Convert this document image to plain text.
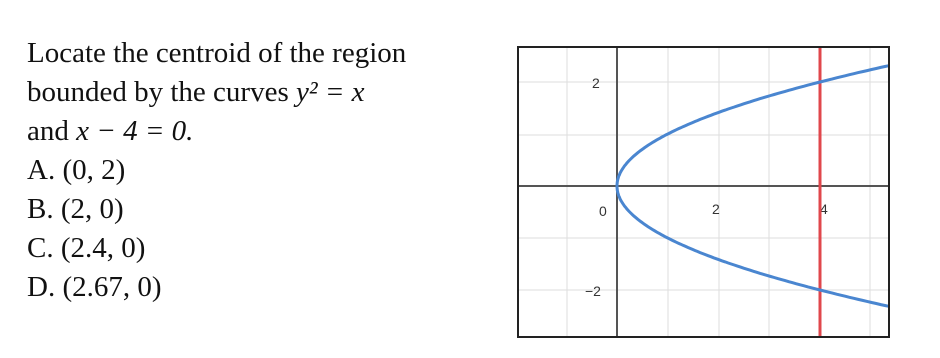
Locate the centroid of the region
bounded by the curves y² = x
and x − 4 = 0.
A. (0, 2)
B. (2, 0)
C. (2.4, 0)
D. (2.67, 0)
0	2	4
2
−2
